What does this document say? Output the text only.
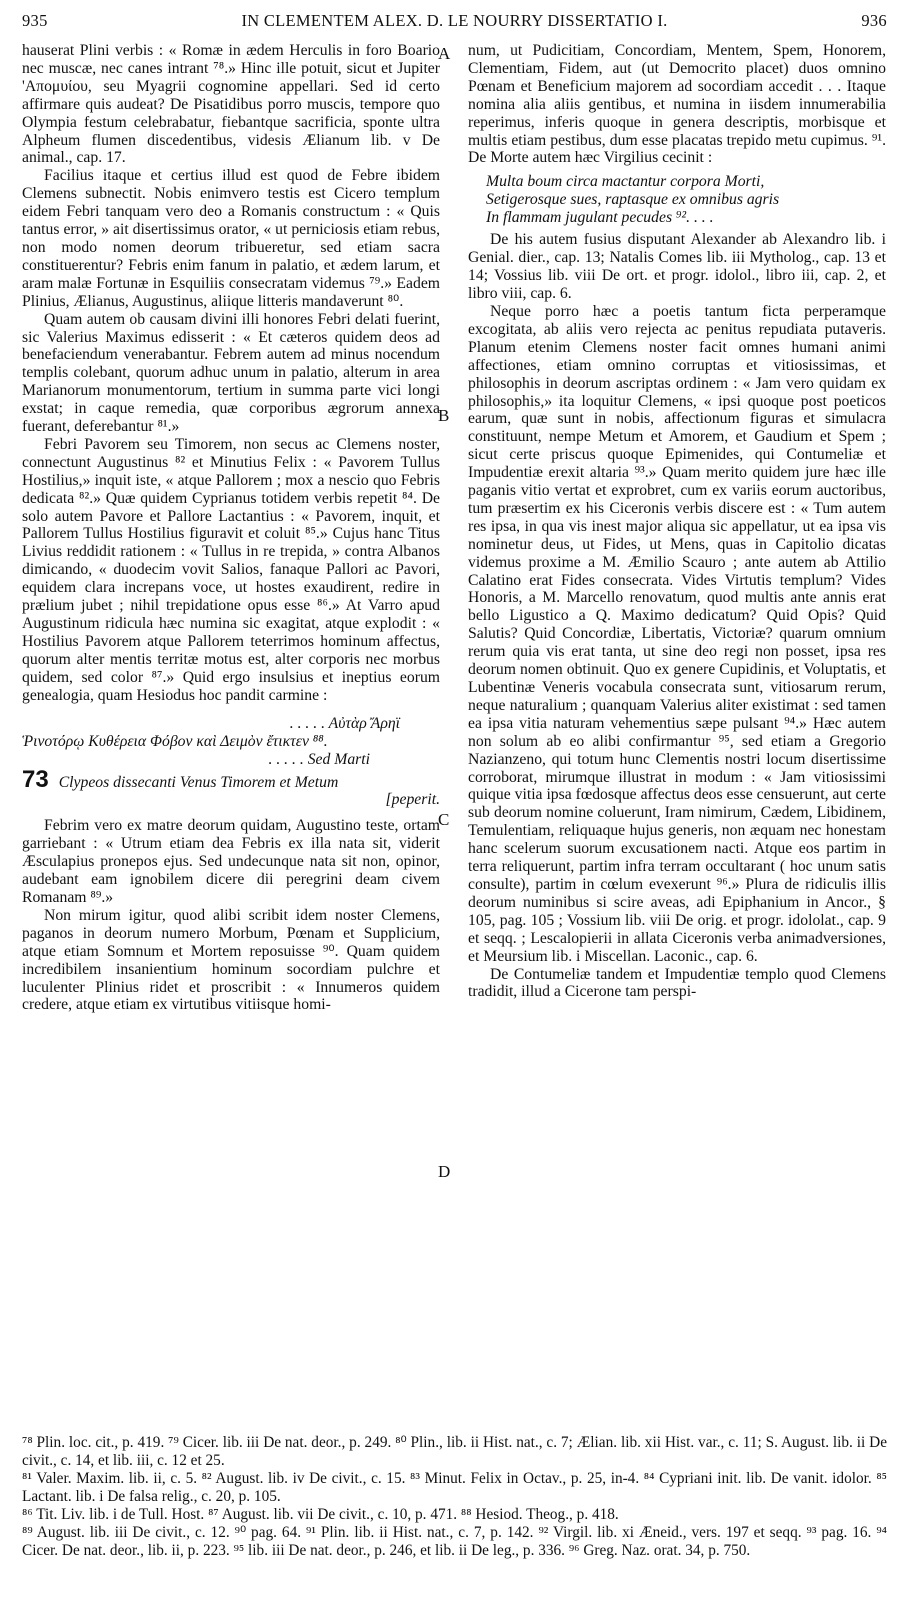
935	IN CLEMENTEM ALEX. D. LE NOURRY DISSERTATIO I.	936

hauserat Plini verbis : « Romæ in ædem Herculis in foro Boario nec muscæ, nec canes intrant ⁷⁸.» Hinc ille potuit, sicut et Jupiter 'Απομυίου, seu Myagrii cognomine appellari. Sed id certo affirmare quis audeat? De Pisatidibus porro muscis, tempore quo Olympia festum celebrabatur, fiebantque sacrificia, sponte ultra Alpheum flumen discedentibus, videsis Ælianum lib. v De animal., cap. 17.

Facilius itaque et certius illud est quod de Febre ibidem Clemens subnectit. Nobis enimvero testis est Cicero templum eidem Febri tanquam vero deo a Romanis constructum : « Quis tantus error, » ait disertissimus orator, « ut perniciosis etiam rebus, non modo nomen deorum tribueretur, sed etiam sacra constituerentur? Febris enim fanum in palatio, et ædem larum, et aram malæ Fortunæ in Esquiliis consecratam videmus ⁷⁹.» Eadem Plinius, Ælianus, Augustinus, aliique litteris mandaverunt ⁸⁰.

Quam autem ob causam divini illi honores Febri delati fuerint, sic Valerius Maximus edisserit : « Et cæteros quidem deos ad benefaciendum venerabantur. Febrem autem ad minus nocendum templis colebant, quorum adhuc unum in palatio, alterum in area Marianorum monumentorum, tertium in summa parte vici longi exstat; in caque remedia, quæ corporibus ægrorum annexa fuerant, deferebantur ⁸¹.»

Febri Pavorem seu Timorem, non secus ac Clemens noster, connectunt Augustinus ⁸² et Minutius Felix : « Pavorem Tullus Hostilius,» inquit iste, « atque Pallorem ; mox a nescio quo Febris dedicata ⁸².» Quæ quidem Cyprianus totidem verbis repetit ⁸⁴. De solo autem Pavore et Pallore Lactantius : « Pavorem, inquit, et Pallorem Tullus Hostilius figuravit et coluit ⁸⁵.» Cujus hanc Titus Livius reddidit rationem : « Tullus in re trepida, » contra Albanos dimicando, « duodecim vovit Salios, fanaque Pallori ac Pavori, equidem clara increpans voce, ut hostes exaudirent, redire in prælium jubet ; nihil trepidatione opus esse ⁸⁶.» At Varro apud Augustinum ridicula hæc numina sic exagitat, atque explodit : « Hostilius Pavorem atque Pallorem teterrimos hominum affectus, quorum alter mentis territæ motus est, alter corporis nec morbus quidem, sed color ⁸⁷.» Quid ergo insulsius et ineptius eorum genealogia, quam Hesiodus hoc pandit carmine :

. . . . . Αὐτὰρ Ἄρηϊ
Ῥινοτόρῳ Κυθέρεια Φόβον καὶ Δειμὸν ἔτικτεν ⁸⁸.
. . . . . Sed Marti
73 Clypeos dissecanti Venus Timorem et Metum
[peperit.

Febrim vero ex matre deorum quidam, Augustino teste, ortam garriebant : « Utrum etiam dea Febris ex illa nata sit, viderit Æsculapius pronepos ejus. Sed undecunque nata sit non, opinor, audebant eam ignobilem dicere dii peregrini deam civem Romanam ⁸⁹.»

Non mirum igitur, quod alibi scribit idem noster Clemens, paganos in deorum numero Morbum, Pœnam et Supplicium, atque etiam Somnum et Mortem reposuisse ⁹⁰. Quam quidem incredibilem insanientium hominum socordiam pulchre et luculenter Plinius ridet et proscribit : « Innumeros quidem credere, atque etiam ex virtutibus vitiisque homi-

A
B
C
D

num, ut Pudicitiam, Concordiam, Mentem, Spem, Honorem, Clementiam, Fidem, aut (ut Democrito placet) duos omnino Pœnam et Beneficium majorem ad socordiam accedit . . . Itaque nomina alia aliis gentibus, et numina in iisdem innumerabilia reperimus, inferis quoque in genera descriptis, morbisque et multis etiam pestibus, dum esse placatas trepido metu cupimus. ⁹¹. De Morte autem hæc Virgilius cecinit :

Multa boum circa mactantur corpora Morti,
Setigerosque sues, raptasque ex omnibus agris
In flammam jugulant pecudes ⁹². . . .

De his autem fusius disputant Alexander ab Alexandro lib. i Genial. dier., cap. 13; Natalis Comes lib. iii Mytholog., cap. 13 et 14; Vossius lib. viii De ort. et progr. idolol., libro iii, cap. 2, et libro viii, cap. 6.

Neque porro hæc a poetis tantum ficta perperamque excogitata, ab aliis vero rejecta ac penitus repudiata putaveris. Planum etenim Clemens noster facit omnes humani animi affectiones, etiam omnino corruptas et vitiosissimas, et philosophis in deorum ascriptas ordinem : « Jam vero quidam ex philosophis,» ita loquitur Clemens, « ipsi quoque post poeticos earum, quæ sunt in nobis, affectionum figuras et simulacra constituunt, nempe Metum et Amorem, et Gaudium et Spem ; sicut certe priscus quoque Epimenides, qui Contumeliæ et Impudentiæ erexit altaria ⁹³.» Quam merito quidem jure hæc ille paganis vitio vertat et exprobret, cum ex variis eorum auctoribus, tum præsertim ex his Ciceronis verbis discere est : « Tum autem res ipsa, in qua vis inest major aliqua sic appellatur, ut ea ipsa vis nominetur deus, ut Fides, ut Mens, quas in Capitolio dicatas videmus proxime a M. Æmilio Scauro ; ante autem ab Attilio Calatino erat Fides consecrata. Vides Virtutis templum? Vides Honoris, a M. Marcello renovatum, quod multis ante annis erat bello Ligustico a Q. Maximo dedicatum? Quid Opis? Quid Salutis? Quid Concordiæ, Libertatis, Victoriæ? quarum omnium rerum quia vis erat tanta, ut sine deo regi non posset, ipsa res deorum nomen obtinuit. Quo ex genere Cupidinis, et Voluptatis, et Lubentinæ Veneris vocabula consecrata sunt, vitiosarum rerum, neque naturalium ; quanquam Valerius aliter existimat : sed tamen ea ipsa vitia naturam vehementius sæpe pulsant ⁹⁴.» Hæc autem non solum ab eo alibi confirmantur ⁹⁵, sed etiam a Gregorio Nazianzeno, qui totum hunc Clementis nostri locum disertissime corroborat, mirumque illustrat in modum : « Jam vitiosissimi quique vitia ipsa fœdosque affectus deos esse censuerunt, aut certe sub deorum nomine coluerunt, Iram nimirum, Cædem, Libidinem, Temulentiam, reliquaque hujus generis, non æquam nec honestam hanc scelerum suorum excusationem nacti. Atque eos partim in terra reliquerunt, partim infra terram occultarant ( hoc unum satis consulte), partim in cœlum evexerunt ⁹⁶.» Plura de ridiculis illis deorum numinibus si scire aveas, adi Epiphanium in Ancor., § 105, pag. 105 ; Vossium lib. viii De orig. et progr. idololat., cap. 9 et seqq. ; Lescalopierii in allata Ciceronis verba animadversiones, et Meursium lib. i Miscellan. Laconic., cap. 6.

De Contumeliæ tandem et Impudentiæ templo quod Clemens tradidit, illud a Cicerone tam perspi-

⁷⁸ Plin. loc. cit., p. 419. ⁷⁹ Cicer. lib. iii De nat. deor., p. 249. ⁸⁰ Plin., lib. ii Hist. nat., c. 7; Ælian. lib. xii Hist. var., c. 11; S. August. lib. ii De civit., c. 14, et lib. iii, c. 12 et 25.

⁸¹ Valer. Maxim. lib. ii, c. 5. ⁸² August. lib. iv De civit., c. 15. ⁸³ Minut. Felix in Octav., p. 25, in-4. ⁸⁴ Cypriani init. lib. De vanit. idolor. ⁸⁵ Lactant. lib. i De falsa relig., c. 20, p. 105.

⁸⁶ Tit. Liv. lib. i de Tull. Host. ⁸⁷ August. lib. vii De civit., c. 10, p. 471. ⁸⁸ Hesiod. Theog., p. 418.

⁸⁹ August. lib. iii De civit., c. 12. ⁹⁰ pag. 64. ⁹¹ Plin. lib. ii Hist. nat., c. 7, p. 142. ⁹² Virgil. lib. xi Æneid., vers. 197 et seqq. ⁹³ pag. 16. ⁹⁴ Cicer. De nat. deor., lib. ii, p. 223. ⁹⁵ lib. iii De nat. deor., p. 246, et lib. ii De leg., p. 336. ⁹⁶ Greg. Naz. orat. 34, p. 750.
